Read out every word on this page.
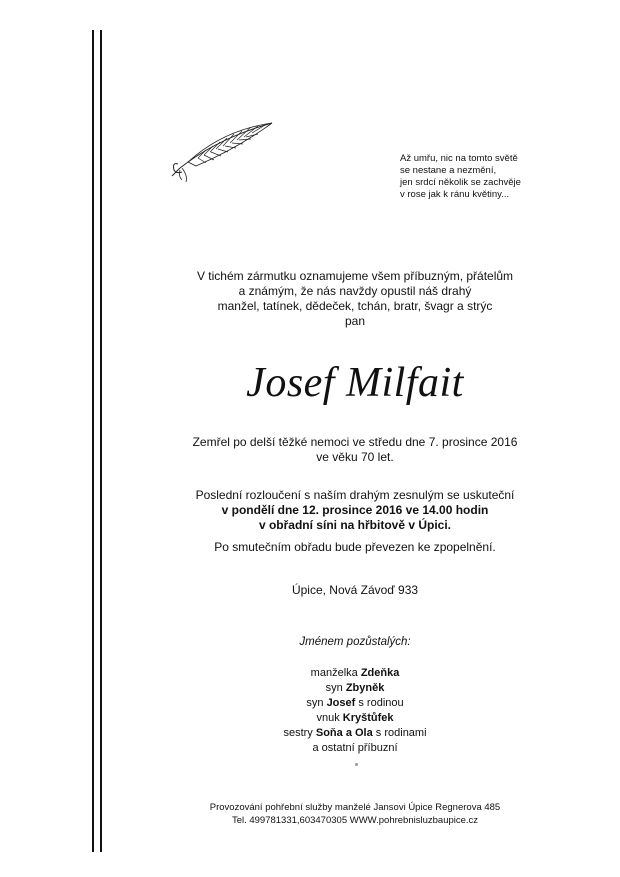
Až umřu, nic na tomto světě
se nestane a nezmění,
jen srdcí několik se zachvěje
v rose jak k ránu květiny...
V tichém zármutku oznamujeme všem příbuzným, přátelům
a známým, že nás navždy opustil náš drahý
manžel, tatínek, dědeček, tchán, bratr, švagr a strýc
pan
Josef Milfait
Zemřel po delší těžké nemoci ve středu dne 7. prosince 2016
ve věku 70 let.
Poslední rozloučení s naším drahým zesnulým se uskuteční
v pondělí dne 12. prosince 2016 ve 14.00 hodin
v obřadní síni na hřbitově v Úpici.
Po smutečním obřadu bude převezen ke zpopelnění.
Úpice, Nová Závoď 933
Jménem pozůstalých:
manželka Zdeňka
syn Zbyněk
syn Josef s rodinou
vnuk Kryštůfek
sestry Soňa a Ola s rodinami
a ostatní příbuzní
Provozování pohřební služby manželé Jansovi Úpice Regnerova 485
Tel. 499781331,603470305 WWW.pohrebnisluzbaupice.cz
